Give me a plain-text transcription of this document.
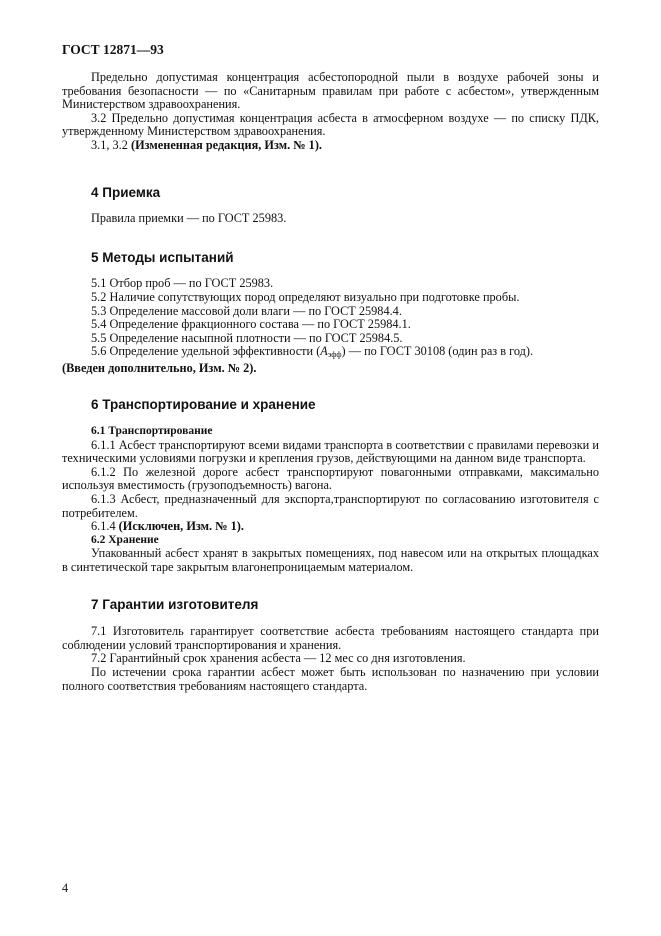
ГОСТ 12871—93

Предельно допустимая концентрация асбестопородной пыли в воздухе рабочей зоны и требования безопасности — по «Санитарным правилам при работе с асбестом», утвержденным Министерством здравоохранения.

3.2 Предельно допустимая концентрация асбеста в атмосферном воздухе — по списку ПДК, утвержденному Министерством здравоохранения.

3.1, 3.2 (Измененная редакция, Изм. № 1).

4 Приемка

Правила приемки — по ГОСТ 25983.

5 Методы испытаний

5.1 Отбор проб — по ГОСТ 25983.

5.2 Наличие сопутствующих пород определяют визуально при подготовке пробы.

5.3 Определение массовой доли влаги — по ГОСТ 25984.4.

5.4 Определение фракционного состава — по ГОСТ 25984.1.

5.5 Определение насыпной плотности — по ГОСТ 25984.5.

5.6 Определение удельной эффективности (Аэфф) — по ГОСТ 30108 (один раз в год).

(Введен дополнительно, Изм. № 2).

6 Транспортирование и хранение

6.1 Транспортирование

6.1.1 Асбест транспортируют всеми видами транспорта в соответствии с правилами перевозки и техническими условиями погрузки и крепления грузов, действующими на данном виде транспорта.

6.1.2 По железной дороге асбест транспортируют повагонными отправками, максимально используя вместимость (грузоподъемность) вагона.

6.1.3 Асбест, предназначенный для экспорта,транспортируют по согласованию изготовителя с потребителем.

6.1.4 (Исключен, Изм. № 1).

6.2 Хранение

Упакованный асбест хранят в закрытых помещениях, под навесом или на открытых площадках в синтетической таре закрытым влагонепроницаемым материалом.

7 Гарантии изготовителя

7.1 Изготовитель гарантирует соответствие асбеста требованиям настоящего стандарта при соблюдении условий транспортирования и хранения.

7.2 Гарантийный срок хранения асбеста — 12 мес со дня изготовления.

По истечении срока гарантии асбест может быть использован по назначению при условии полного соответствия требованиям настоящего стандарта.

4
